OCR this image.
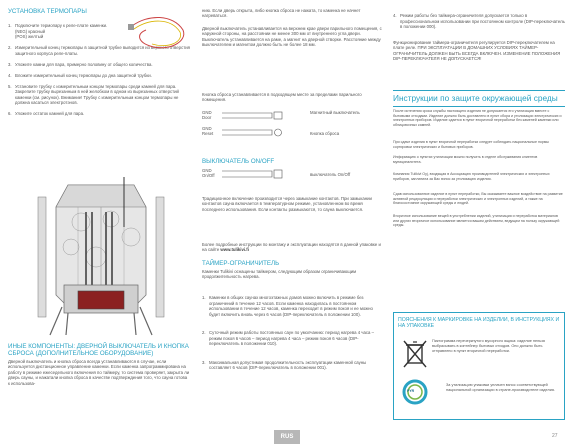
УСТАНОВКА ТЕРМОПАРЫ

1. Подключите термопару к реле-плате каменки.
(NEG) красный
(POS) желтый

2. Измерительный конец термопары в защитной трубке выводится из верхнего отверстия защитного корпуса реле-платы.

3. Уложите камни для пара, примерно половину от общего количества.

4. Вложите измерительный конец термопары до дна защитной трубки.

5. Установите трубку с измерительным концом термопары среди камней для пара. Закрепите трубку вырезанным в ней желобком в одном из вырезанных отверстий каменки (см. рисунок). Внимание! Трубку с измерительным концом термопары не должна касаться электротэнов.

6. Уложите остаток камней для пара.

ИНЫЕ КОМПОНЕНТЫ: ДВЕРНОЙ ВЫКЛЮЧАТЕЛЬ И КНОПКА СБРОСА (ДОПОЛНИТЕЛЬНОЕ ОБОРУДОВАНИЕ)
Дверной выключатель и кнопка сброса всегда устанавливаются в случае, если используется дистанционное управление каменки. Если каменка запрограммирована на работу в режиме ежеседельного включения по таймеру, то система проверяет, закрыта ли дверь сауны, и нажатали кнопка сброса в качестве подтверждения того, что сауна готова к использова-
нию. Если дверь открыта, либо кнопка сброса не нажата, то каменка не начнет нагреваться.
Дверной выключатель устанавливается на верхнем крае двери парильного помещения, с наружной стороны, на расстоянии не менее 300 мм от внутреннего угла двери. Выключатель устанавливается на раме, а магнит на дверной створке. Расстояние между выключателем и магнитом должно быть не более 18 мм.
Кнопка сброса устанавливается в подходящем месте за пределами парильного помещения.
GND
Door
GND
Reset
Магнитный выключатель
Кнопка сброса
ВЫКЛЮЧАТЕЛЬ ON/OFF
GND
On/Off	выключатель On/Off
Традиционное включение производится через замыкание контактов. При замыкании контактов сауна включается в температурном режиме, установленном во время последнего использования. Если контакты размыкаются, то сауна выключается.
Более подробные инструкции по монтажу и эксплуатации находятся в данной упаковке и на сайте www.tulikivi.fi
ТАЙМЕР-ОГРАНИЧИТЕЛЬ
Каменки Tulikivi оснащены таймером, следующим образом ограничивающим продолжительность нагрева.

1. Каменки в общих саунах многоэтажных домов можно включить в режиме без ограничений в течение 12 часов. Если каменка находилась в постоянном использовании в течение 12 часов, каменка переходит в режим покоя и ее можно будет включить вновь через 6 часов (DIP-переключатель в положении 100).

2. Суточный режим работы постоянных саун по умолчанию: период нагрева 4 часа – режим покоя 6 часов – период нагрева 4 часа – режим покоя 6 часов (DIP-переключатель в положении 010).

3. Максимальная допустимая продолжительность эксплуатации каменной сауны составляет 6 часов (DIP-переключатель в положении 001).

4. Режим работы без таймера-ограничителя допускается только в профессиональном использовании при постоянном контроле (DIP-переключатель в положении 000).

Функционирование таймера-ограничителя регулируется DIP-переключателем на плате реле. ПРИ ЭКСПЛУАТАЦИИ В ДОМАШНИХ УСЛОВИЯХ ТАЙМЕР-ОГРАНИЧИТЕЛЬ ДОЛЖЕН БЫТЬ ВСЕГДА ВКЛЮЧЕН. ИЗМЕНЕНИЕ ПОЛОЖЕНИЯ DIP-ПЕРЕКЛЮЧАТЕЛЯ НЕ ДОПУСКАЕТСЯ!
Инструкции по защите окружающей среды
После истечения срока службы настоящего изделия не допускается его утилизация вместе с бытовыми отходами. Изделие должно быть доставлено в пункт сбора и утилизации электрических и электронных приборов. Изделие сдается в пункт вторичной переработки без каменей каменки или облицовочных камней.
При сдаче изделия в пункт вторичной переработки следует соблюдать национальные нормы сортировки электрических и бытовых приборов.
Информацию о пунктах утилизации можно получить в отделе обслуживания клиентов муниципалитета.
Компания Tulikivi Oyj, входящая в Ассоциацию производителей электрических и электронных приборов, заплатила за Вас взнос за утилизацию изделия.
Сдав использованное изделие в пункт переработки, Вы оказываете важное воздействие на развитие активной рециркуляции и переработки электрических и электронных изделий, а также на благосостояние окружающей среды и людей.
Вторичное использование вещей в употреблении изделий, утилизация и переработка материалов или других вторичное использование является вашим действием, ведущим на пользу окружающей среды.
ПОЯСНЕНИЯ К МАРКИРОВКЕ НА ИЗДЕЛИИ, В ИНСТРУКЦИЯХ И НА УПАКОВКЕ
Пиктограмма перечеркнутого мусорного ящика: изделие нельзя выбрасывать в контейнер бытовых отходов. Оно должно быть отправлено в пункт вторичной переработки.
PYR
За утилизацию упаковки уплачен взнос соответствующей национальной организации в стране-производителе изделия.
RUS	27
